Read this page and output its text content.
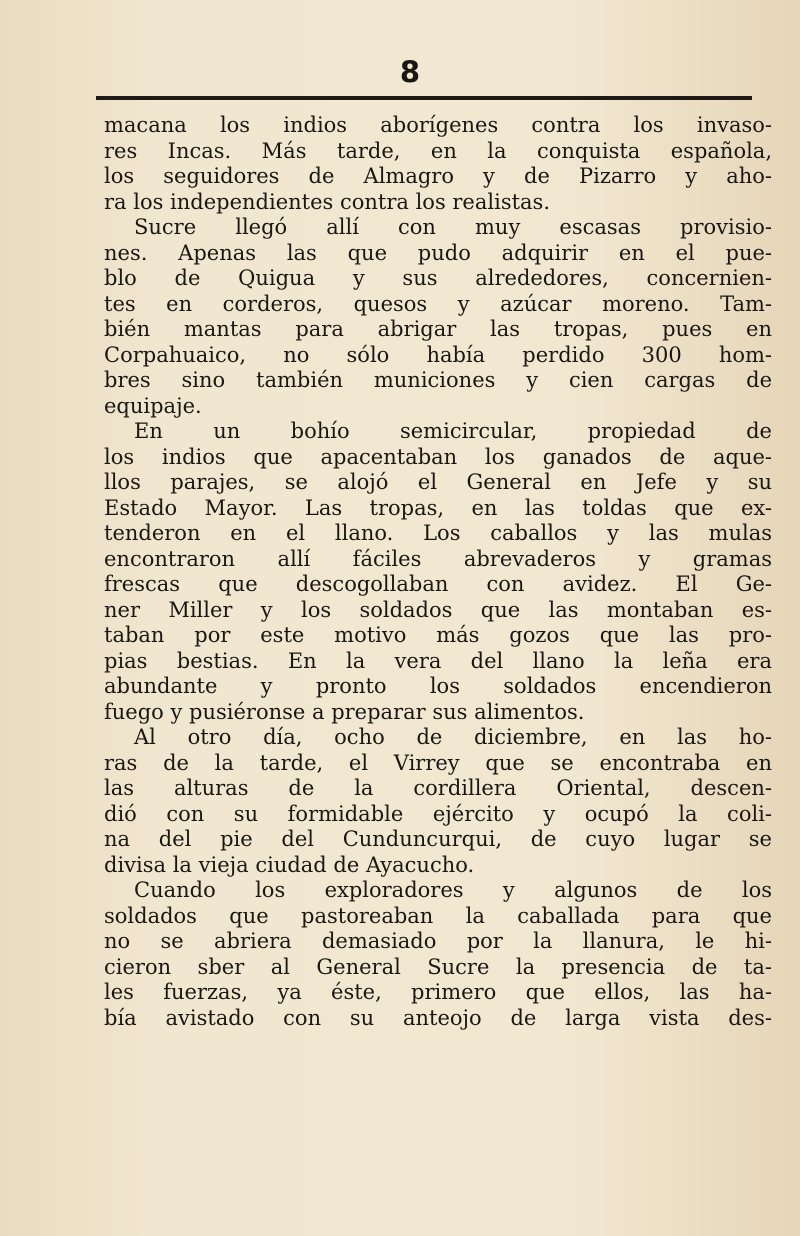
8
macana los indios aborígenes contra los invaso-
res Incas. Más tarde, en la conquista española,
los seguidores de Almagro y de Pizarro y aho-
ra los independientes contra los realistas.
Sucre llegó allí con muy escasas provisio-
nes. Apenas las que pudo adquirir en el pue-
blo de Quigua y sus alrededores, concernien-
tes en corderos, quesos y azúcar moreno. Tam-
bién mantas para abrigar las tropas, pues en
Corpahuaico, no sólo había perdido 300 hom-
bres sino también municiones y cien cargas de
equipaje.
En un bohío semicircular, propiedad de
los indios que apacentaban los ganados de aque-
llos parajes, se alojó el General en Jefe y su
Estado Mayor. Las tropas, en las toldas que ex-
tenderon en el llano. Los caballos y las mulas
encontraron allí fáciles abrevaderos y gramas
frescas que descogollaban con avidez. El Ge-
ner Miller y los soldados que las montaban es-
taban por este motivo más gozos que las pro-
pias bestias. En la vera del llano la leña era
abundante y pronto los soldados encendieron
fuego y pusiéronse a preparar sus alimentos.
Al otro día, ocho de diciembre, en las ho-
ras de la tarde, el Virrey que se encontraba en
las alturas de la cordillera Oriental, descen-
dió con su formidable ejército y ocupó la coli-
na del pie del Cunduncurqui, de cuyo lugar se
divisa la vieja ciudad de Ayacucho.
Cuando los exploradores y algunos de los
soldados que pastoreaban la caballada para que
no se abriera demasiado por la llanura, le hi-
cieron sber al General Sucre la presencia de ta-
les fuerzas, ya éste, primero que ellos, las ha-
bía avistado con su anteojo de larga vista des-
